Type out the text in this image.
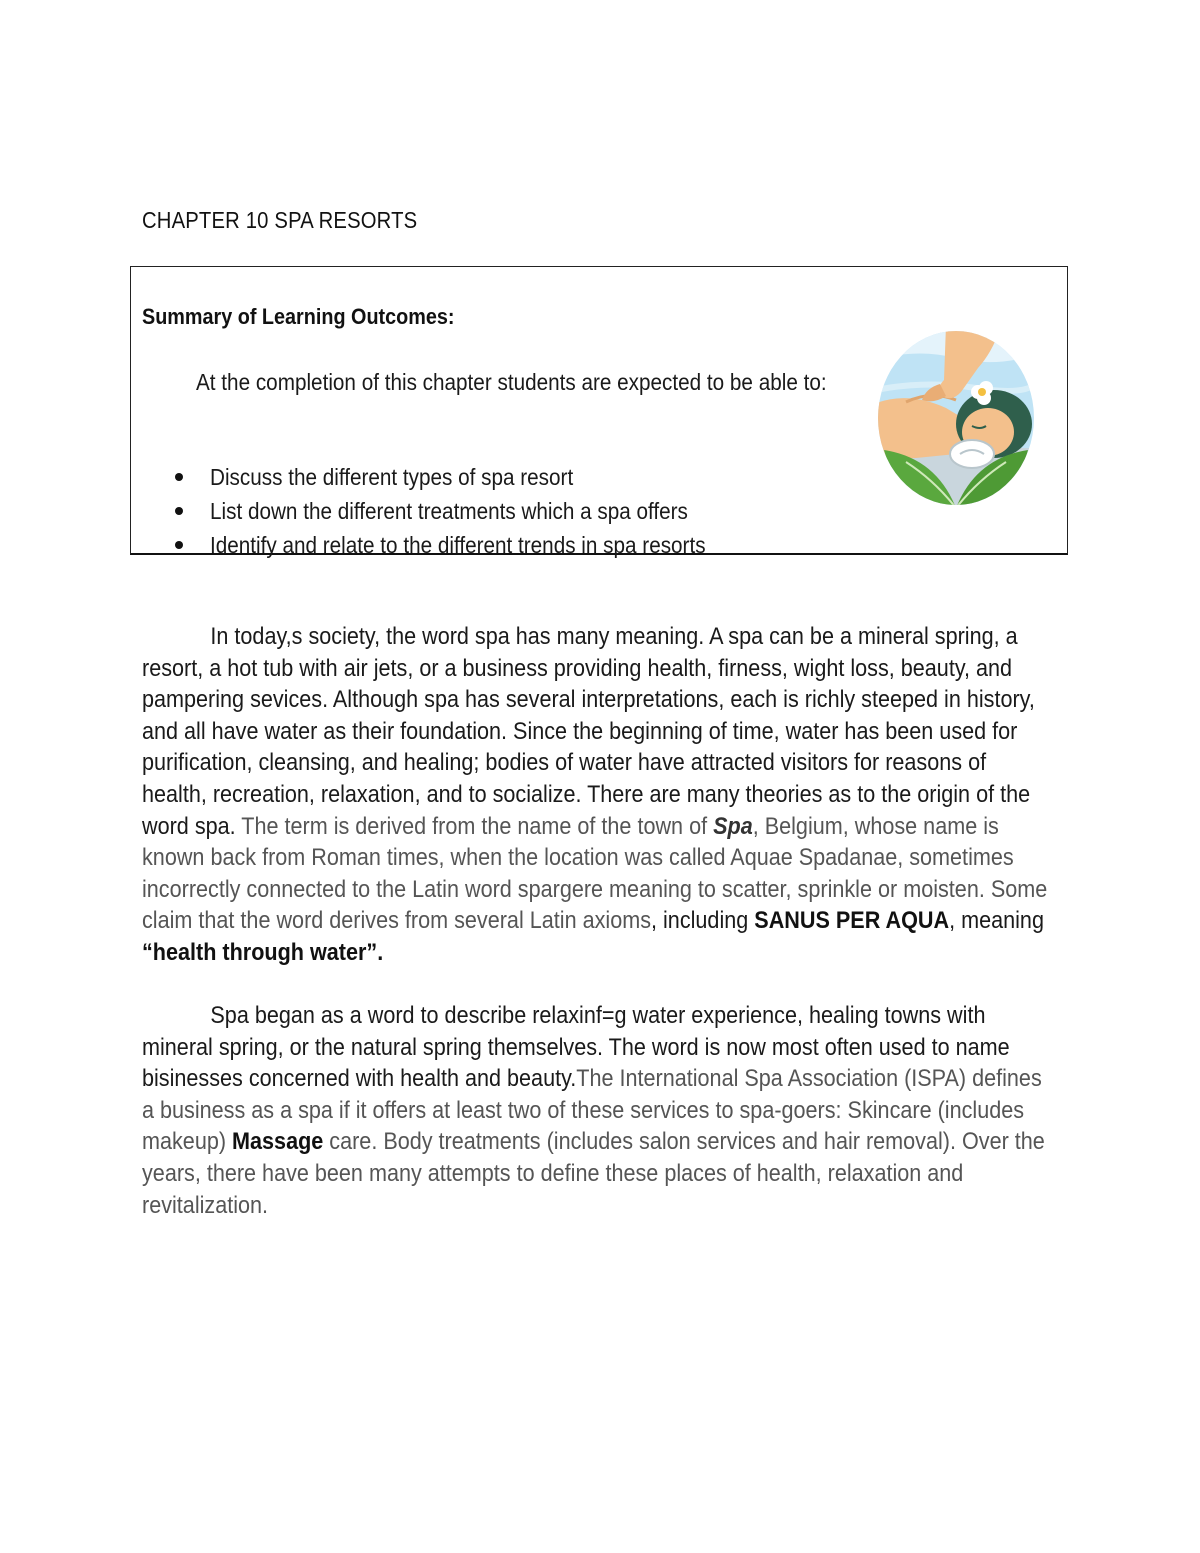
CHAPTER 10 SPA RESORTS
Summary of Learning Outcomes:
At the completion of this chapter students are expected to be able to:
Discuss the different types of spa resort
List down the different treatments which a spa offers
Identify and relate to the different trends in spa resorts
In today,s society, the word spa has many meaning. A spa can be a mineral spring, a resort, a hot tub with air jets, or a business providing health, firness, wight loss, beauty, and pampering sevices. Although spa has several interpretations, each is richly steeped in history, and all have water as their foundation. Since the beginning of time, water has been used for purification, cleansing, and healing; bodies of water have attracted visitors for reasons of health, recreation, relaxation, and to socialize. There are many theories as to the origin of the word spa. The term is derived from the name of the town of Spa, Belgium, whose name is known back from Roman times, when the location was called Aquae Spadanae, sometimes incorrectly connected to the Latin word spargere meaning to scatter, sprinkle or moisten. Some claim that the word derives from several Latin axioms, including SANUS PER AQUA, meaning “health through water”.
Spa began as a word to describe relaxinf=g water experience, healing towns with mineral spring, or the natural spring themselves. The word is now most often used to name bisinesses concerned with health and beauty.The International Spa Association (ISPA) defines a business as a spa if it offers at least two of these services to spa-goers: Skincare (includes makeup) Massage care. Body treatments (includes salon services and hair removal). Over the years, there have been many attempts to define these places of health, relaxation and revitalization.
